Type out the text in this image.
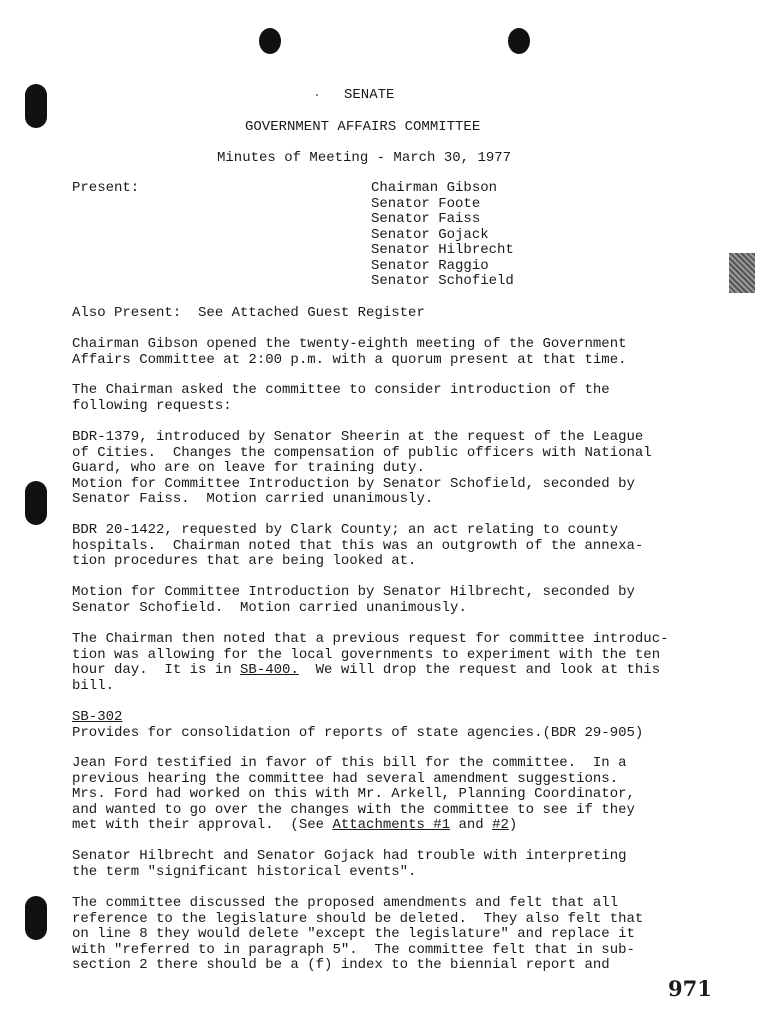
SENATE

GOVERNMENT AFFAIRS COMMITTEE

Minutes of Meeting - March 30, 1977

Present:	Chairman Gibson

Senator Foote

Senator Faiss

Senator Gojack

Senator Hilbrecht

Senator Raggio

Senator Schofield

Also Present:  See Attached Guest Register

Chairman Gibson opened the twenty-eighth meeting of the Government
Affairs Committee at 2:00 p.m. with a quorum present at that time.

The Chairman asked the committee to consider introduction of the
following requests:

BDR-1379, introduced by Senator Sheerin at the request of the League
of Cities.  Changes the compensation of public officers with National
Guard, who are on leave for training duty.
Motion for Committee Introduction by Senator Schofield, seconded by
Senator Faiss.  Motion carried unanimously.

BDR 20-1422, requested by Clark County; an act relating to county
hospitals.  Chairman noted that this was an outgrowth of the annexa-
tion procedures that are being looked at.

Motion for Committee Introduction by Senator Hilbrecht, seconded by
Senator Schofield.  Motion carried unanimously.

The Chairman then noted that a previous request for committee introduc-
tion was allowing for the local governments to experiment with the ten
hour day.  It is in SB-400.  We will drop the request and look at this
bill.

SB-302

Provides for consolidation of reports of state agencies.(BDR 29-905)

Jean Ford testified in favor of this bill for the committee.  In a
previous hearing the committee had several amendment suggestions.
Mrs. Ford had worked on this with Mr. Arkell, Planning Coordinator,
and wanted to go over the changes with the committee to see if they
met with their approval.  (See Attachments #1 and #2)

Senator Hilbrecht and Senator Gojack had trouble with interpreting
the term "significant historical events".

The committee discussed the proposed amendments and felt that all
reference to the legislature should be deleted.  They also felt that
on line 8 they would delete "except the legislature" and replace it
with "referred to in paragraph 5".  The committee felt that in sub-
section 2 there should be a (f) index to the biennial report and

971
